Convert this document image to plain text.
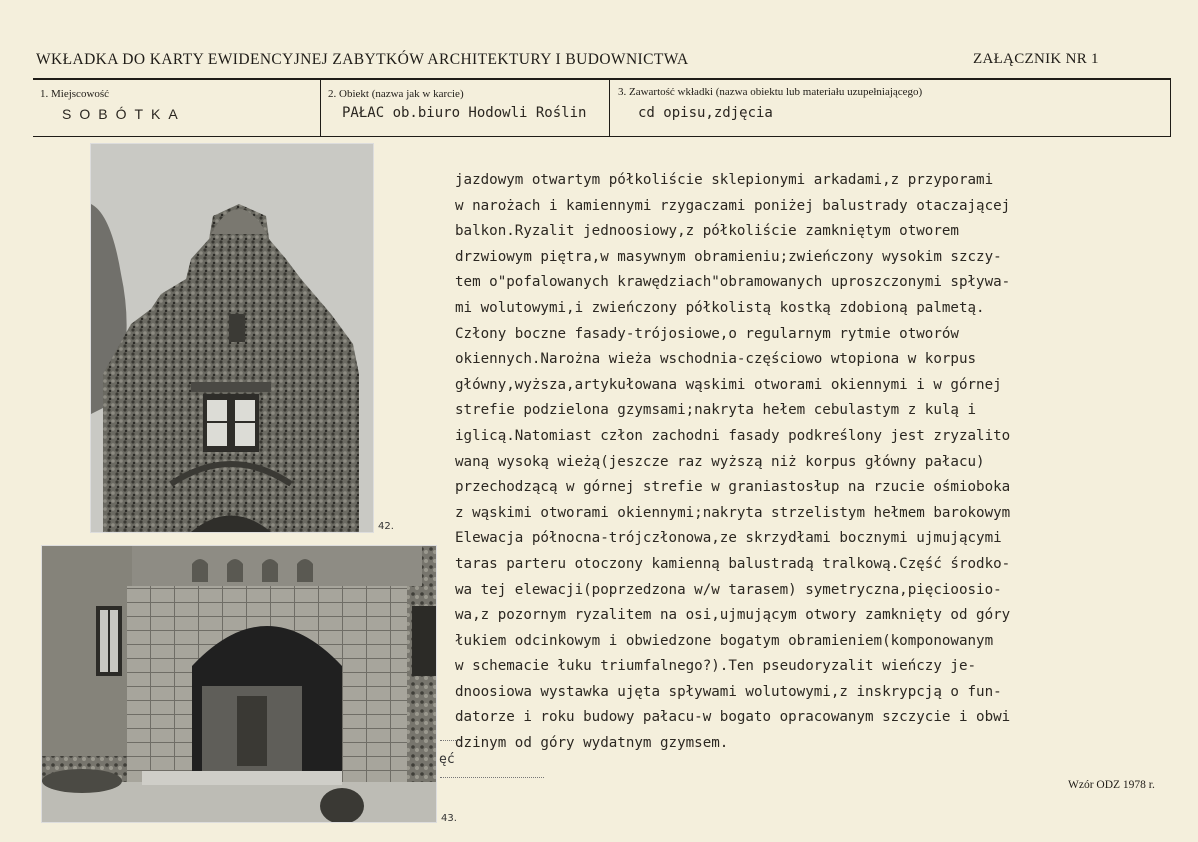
WKŁADKA DO KARTY EWIDENCYJNEJ ZABYTKÓW ARCHITEKTURY I BUDOWNICTWA	ZAŁĄCZNIK NR 1
1. Miejscowość
SOBÓTKA
2. Obiekt (nazwa jak w karcie)
PAŁAC ob.biuro Hodowli Roślin
3. Zawartość wkładki (nazwa obiektu lub materiału uzupełniającego)
cd opisu,zdjęcia
42.
43.
ęć
jazdowym otwartym półkoliście sklepionymi arkadami,z przyporami
w narożach i kamiennymi rzygaczami poniżej balustrady otaczającej
balkon.Ryzalit jednoosiowy,z półkoliście zamkniętym otworem
drzwiowym piętra,w masywnym obramieniu;zwieńczony wysokim szczy-
tem o"pofalowanych krawędziach"obramowanych uproszczonymi spływa-
mi wolutowymi,i zwieńczony półkolistą kostką zdobioną palmetą.
Człony boczne fasady-trójosiowe,o regularnym rytmie otworów
okiennych.Narożna wieża wschodnia-częściowo wtopiona w korpus
główny,wyższa,artykułowana wąskimi otworami okiennymi i w górnej
strefie podzielona gzymsami;nakryta hełem cebulastym z kulą i
iglicą.Natomiast człon zachodni fasady podkreślony jest zryzalito
waną wysoką wieżą(jeszcze raz wyższą niż korpus główny pałacu)
przechodzącą w górnej strefie w graniastosłup na rzucie ośmioboka
z wąskimi otworami okiennymi;nakryta strzelistym hełmem barokowym
Elewacja północna-trójczłonowa,ze skrzydłami bocznymi ujmującymi
taras parteru otoczony kamienną balustradą tralkową.Część środko-
wa tej elewacji(poprzedzona w/w tarasem) symetryczna,pięcioosio-
wa,z pozornym ryzalitem na osi,ujmującym otwory zamknięty od góry
łukiem odcinkowym i obwiedzone bogatym obramieniem(komponowanym
w schemacie łuku triumfalnego?).Ten pseudoryzalit wieńczy je-
dnoosiowa wystawka ujęta spływami wolutowymi,z inskrypcją o fun-
datorze i roku budowy pałacu-w bogato opracowanym szczycie i obwi
dzinym od góry wydatnym gzymsem.
Wzór ODZ 1978 r.
